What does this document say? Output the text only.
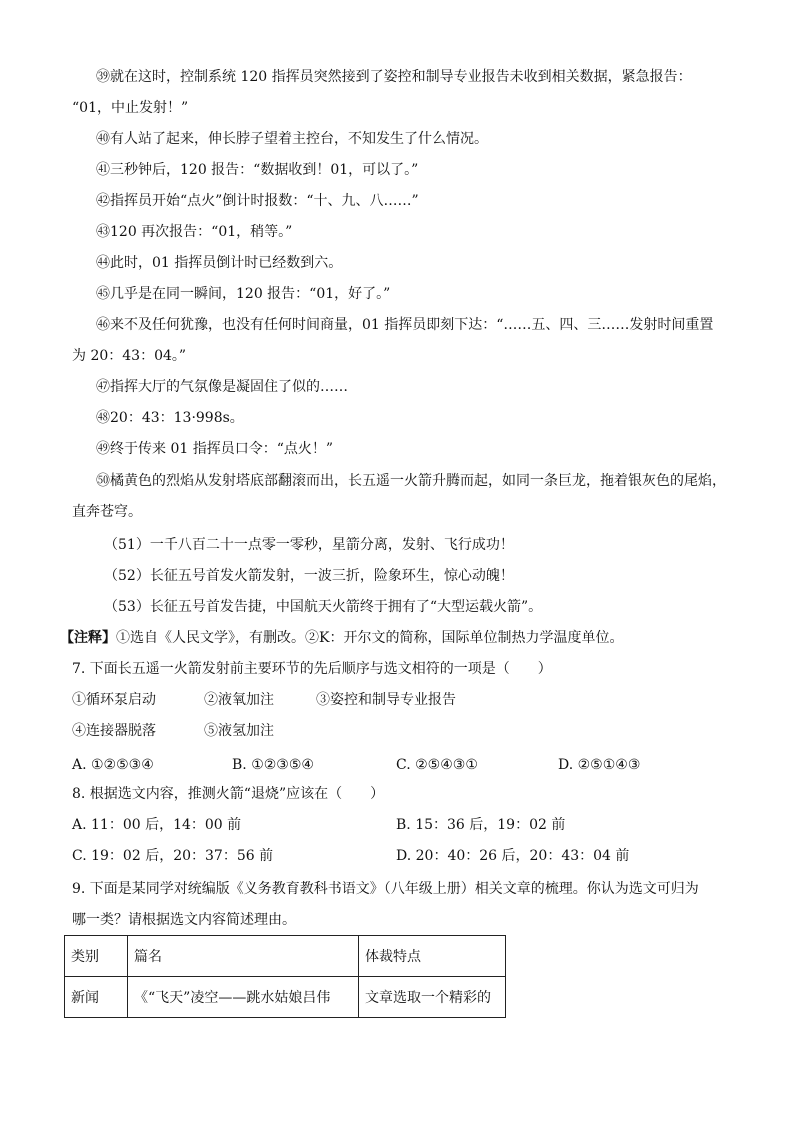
㊴就在这时，控制系统 120 指挥员突然接到了姿控和制导专业报告未收到相关数据，紧急报告：
“01，中止发射！”
㊵有人站了起来，伸长脖子望着主控台，不知发生了什么情况。
㊶三秒钟后，120 报告：“数据收到！01，可以了。”
㊷指挥员开始“点火”倒计时报数：“十、九、八……”
㊸120 再次报告：“01，稍等。”
㊹此时，01 指挥员倒计时已经数到六。
㊺几乎是在同一瞬间，120 报告：“01，好了。”
㊻来不及任何犹豫，也没有任何时间商量，01 指挥员即刻下达：“……五、四、三……发射时间重置
为 20：43：04。”
㊼指挥大厅的气氛像是凝固住了似的……
㊽20：43：13·998s。
㊾终于传来 01 指挥员口令：“点火！”
㊿橘黄色的烈焰从发射塔底部翻滚而出，长五遥一火箭升腾而起，如同一条巨龙，拖着银灰色的尾焰，
直奔苍穹。
（51）一千八百二十一点零一零秒，星箭分离，发射、飞行成功！
（52）长征五号首发火箭发射，一波三折，险象环生，惊心动魄！
（53）长征五号首发告捷，中国航天火箭终于拥有了“大型运载火箭”。
【注释】①选自《人民文学》，有删改。②K：开尔文的简称，国际单位制热力学温度单位。
7. 下面长五遥一火箭发射前主要环节的先后顺序与选文相符的一项是（　　）
①循环泵启动	②液氧加注	③姿控和制导专业报告
④连接器脱落	⑤液氢加注
A. ①②⑤③④	B. ①②③⑤④	C. ②⑤④③①	D. ②⑤①④③
8. 根据选文内容，推测火箭“退烧”应该在（　　）
A. 11：00 后，14：00 前	B. 15：36 后，19：02 前
C. 19：02 后，20：37：56 前	D. 20：40：26 后，20：43：04 前
9. 下面是某同学对统编版《义务教育教科书语文》（八年级上册）相关文章的梳理。你认为选文可归为
哪一类？请根据选文内容简述理由。
类别	篇名	体裁特点
新闻	《“飞天”凌空——跳水姑娘吕伟	文章选取一个精彩的
